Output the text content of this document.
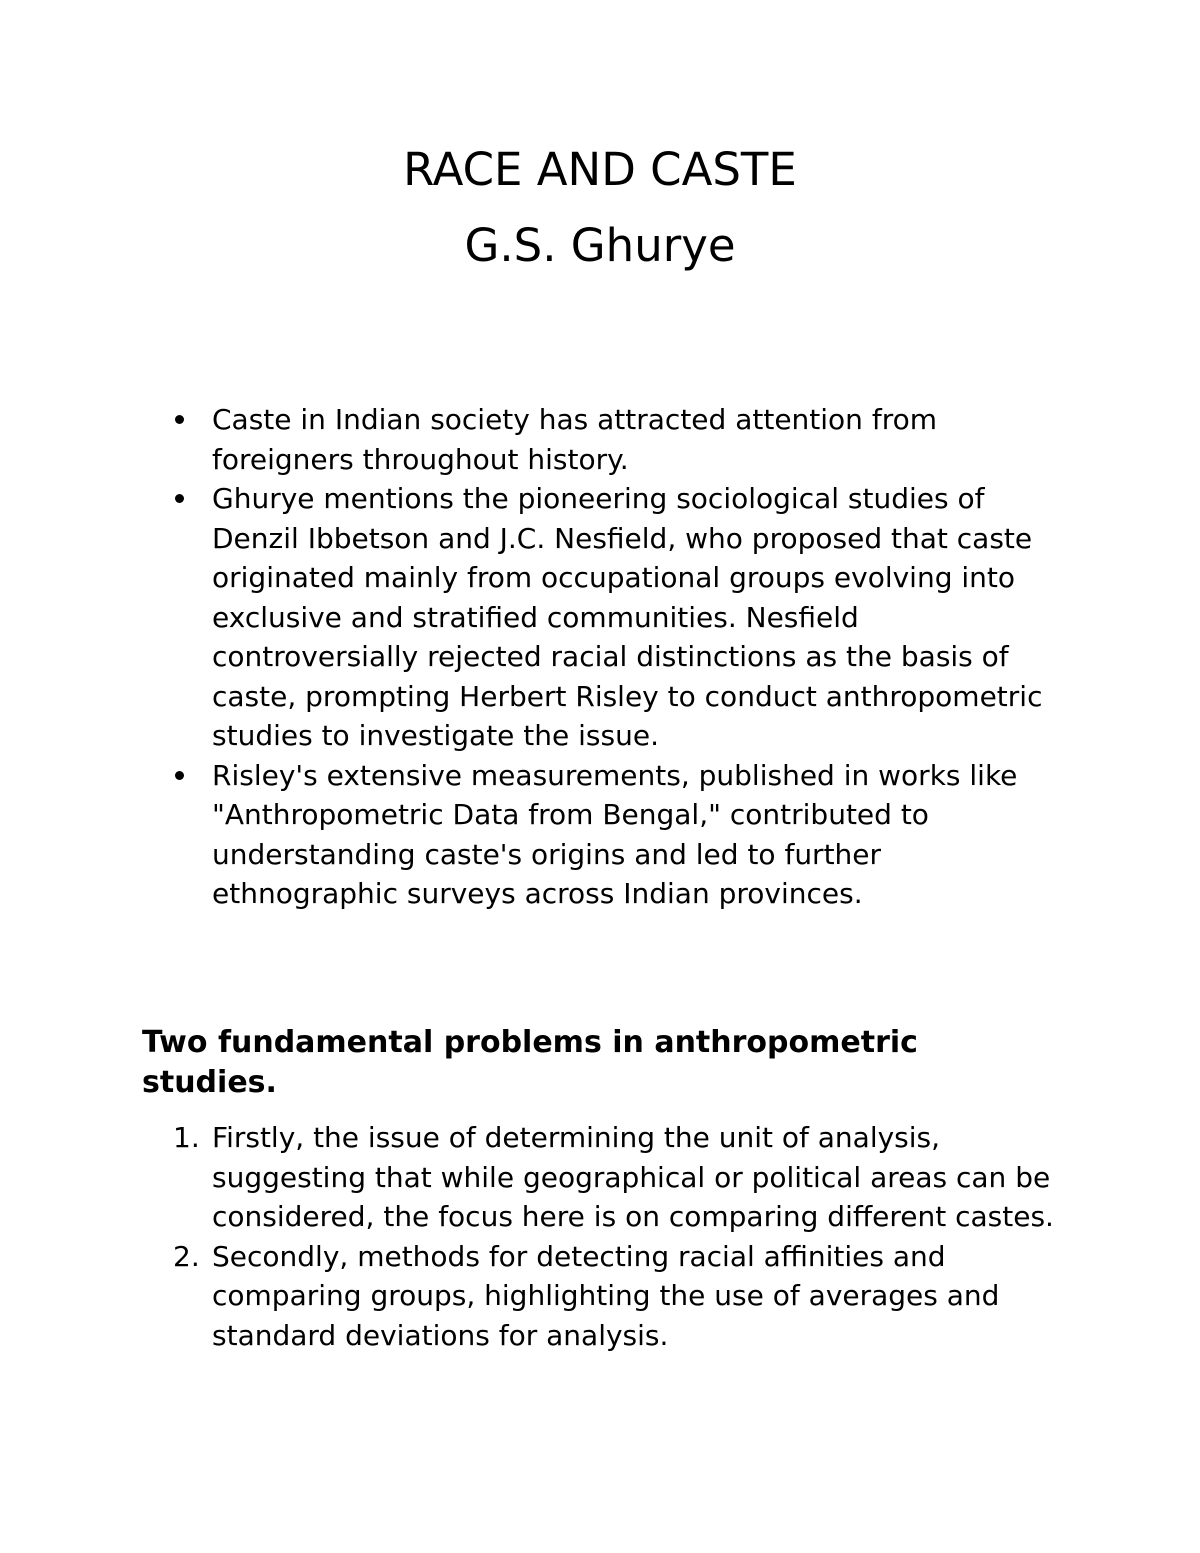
RACE AND CASTE
G.S. Ghurye
Caste in Indian society has attracted attention from foreigners throughout history.
Ghurye mentions the pioneering sociological studies of Denzil Ibbetson and J.C. Nesfield, who proposed that caste originated mainly from occupational groups evolving into exclusive and stratified communities. Nesfield controversially rejected racial distinctions as the basis of caste, prompting Herbert Risley to conduct anthropometric studies to investigate the issue.
Risley's extensive measurements, published in works like "Anthropometric Data from Bengal," contributed to understanding caste's origins and led to further ethnographic surveys across Indian provinces.
Two fundamental problems in anthropometric studies.
1. Firstly, the issue of determining the unit of analysis, suggesting that while geographical or political areas can be considered, the focus here is on comparing different castes.
2. Secondly, methods for detecting racial affinities and comparing groups, highlighting the use of averages and standard deviations for analysis.
